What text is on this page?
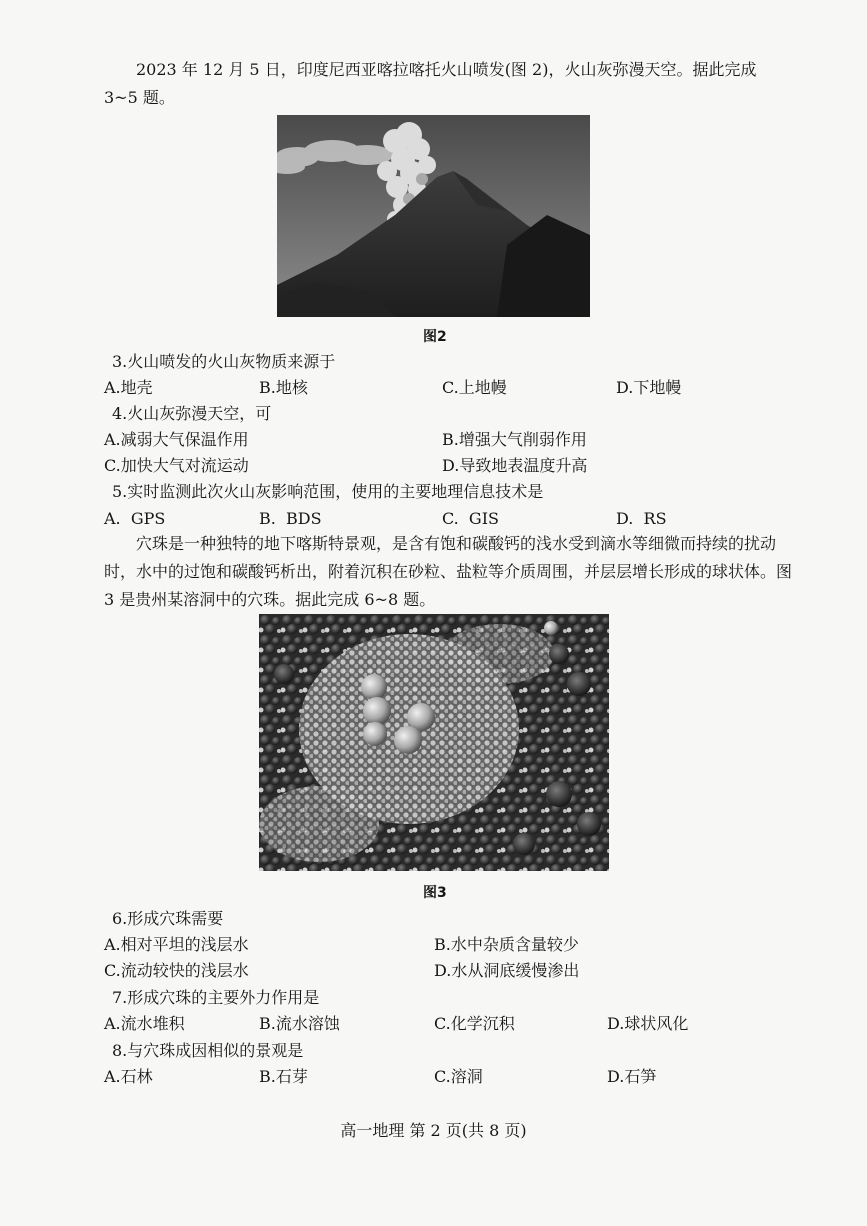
2023 年 12 月 5 日，印度尼西亚喀拉喀托火山喷发(图 2)，火山灰弥漫天空。据此完成 3~5 题。

图2

3.火山喷发的火山灰物质来源于

A.地壳	B.地核	C.上地幔	D.下地幔

4.火山灰弥漫天空，可

A.减弱大气保温作用	B.增强大气削弱作用
C.加快大气对流运动	D.导致地表温度升高

5.实时监测此次火山灰影响范围，使用的主要地理信息技术是

A.  GPS	B.  BDS	C.  GIS	D.  RS

穴珠是一种独特的地下喀斯特景观，是含有饱和碳酸钙的浅水受到滴水等细微而持续的扰动时，水中的过饱和碳酸钙析出，附着沉积在砂粒、盐粒等介质周围，并层层增长形成的球状体。图 3 是贵州某溶洞中的穴珠。据此完成 6~8 题。

图3

6.形成穴珠需要

A.相对平坦的浅层水	B.水中杂质含量较少
C.流动较快的浅层水	D.水从洞底缓慢渗出

7.形成穴珠的主要外力作用是

A.流水堆积	B.流水溶蚀	C.化学沉积	D.球状风化

8.与穴珠成因相似的景观是

A.石林	B.石芽	C.溶洞	D.石笋
高一地理 第 2 页(共 8 页)
